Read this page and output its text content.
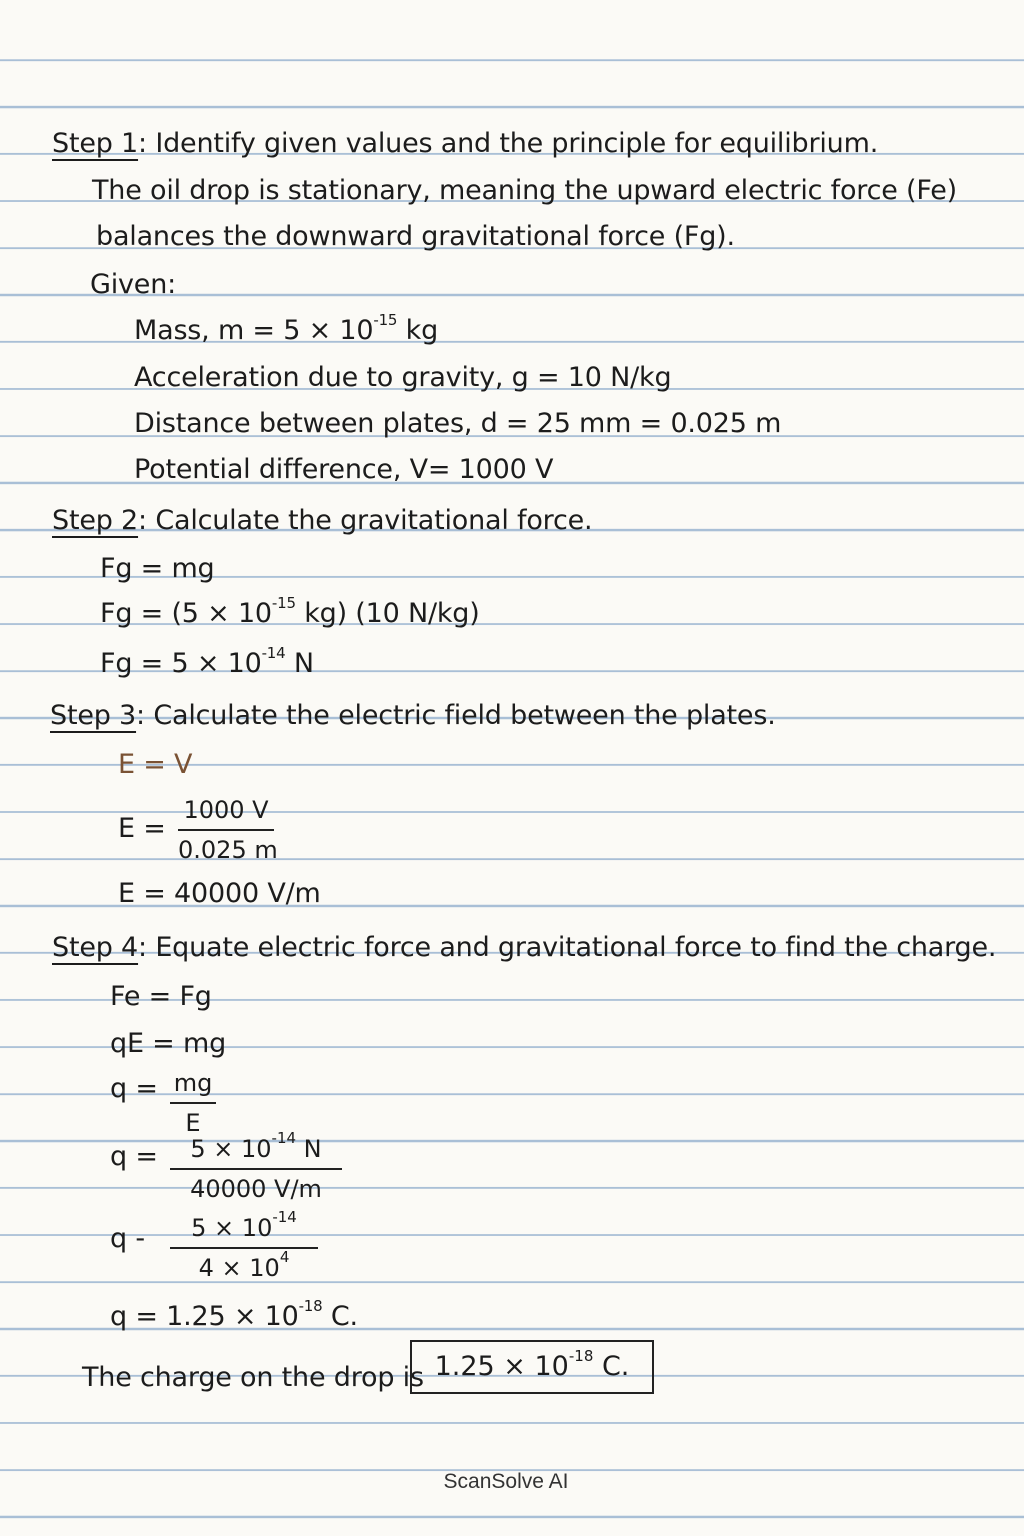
Step 1: Identify given values and the principle for equilibrium.
The oil drop is stationary, meaning the upward electric force (Fe)
balances the downward gravitational force (Fg).
Given:
Mass, $m = 5 \times 10^{-15}$ kg
Acceleration due to gravity, g = 10 N/kg
Distance between plates, d = 25 mm = 0.025 m
Potential difference, V= 1000 V
Step 2: Calculate the gravitational force.
Fg = mg
$Fg = (5 \times 10^{-15}$ kg) (10 N/kg)
$Fg = 5 \times 10^{-14}$ N
Step 3: Calculate the electric field between the plates.
E = V
E =
1000 V
0.025 m
E = 40000 V/m
Step 4: Equate electric force and gravitational force to find the charge.
Fe = Fg
qE = mg
q = mg
E
q =	$5 \times 10^{-14}$ N
40000 V/m
q -	$5 \times 10^{-14}$
$4 \times 10^4$
$q = 1.25 \times 10^{-18}$ C.
The charge on the drop is $1.25 \times 10^{-18}$ C.
ScanSolve AI
